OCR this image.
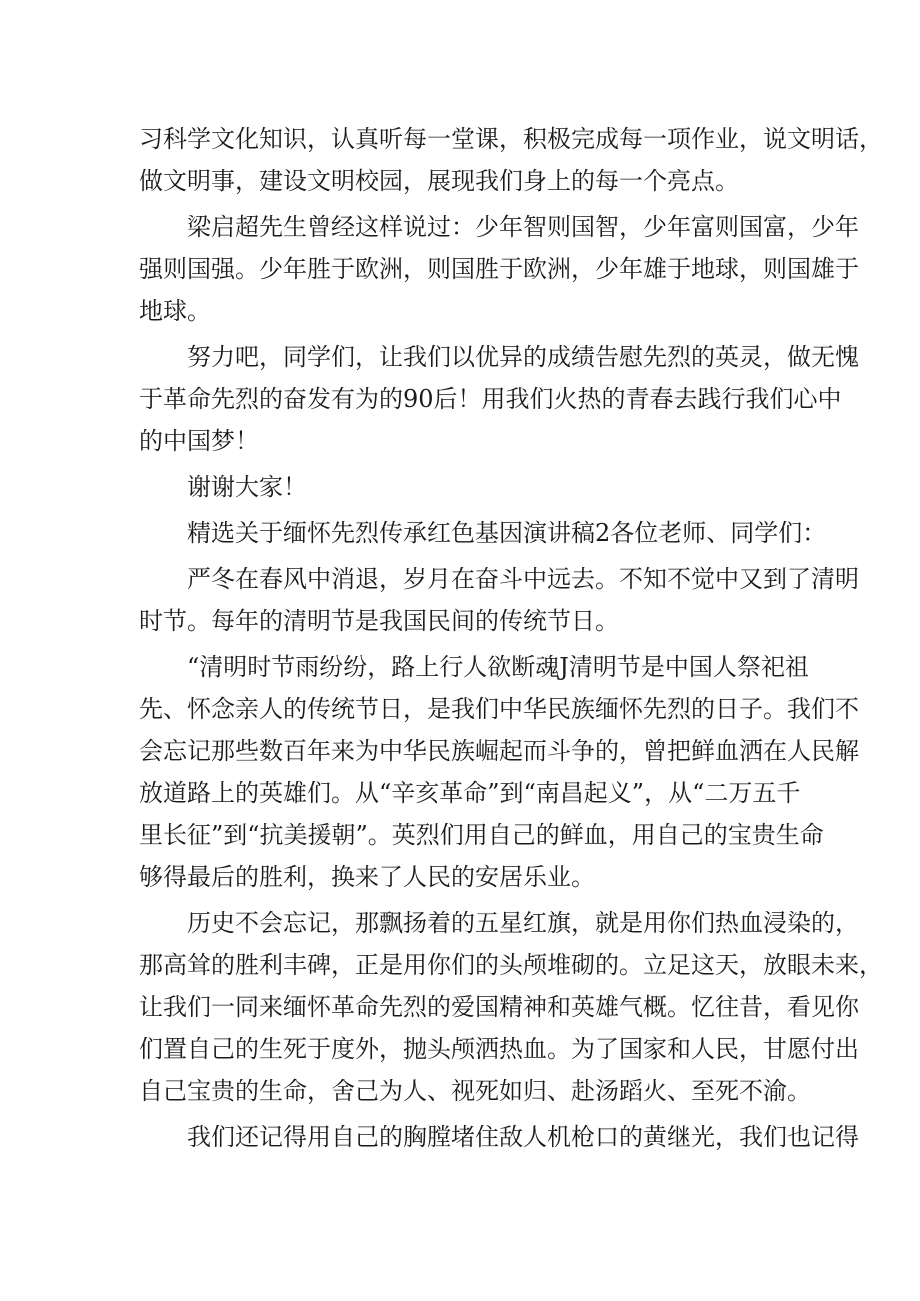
习科学文化知识，认真听每一堂课，积极完成每一项作业，说文明话，
做文明事，建设文明校园，展现我们身上的每一个亮点。
梁启超先生曾经这样说过：少年智则国智，少年富则国富，少年
强则国强。少年胜于欧洲，则国胜于欧洲，少年雄于地球，则国雄于
地球。
努力吧，同学们，让我们以优异的成绩告慰先烈的英灵，做无愧
于革命先烈的奋发有为的90后！用我们火热的青春去践行我们心中
的中国梦！
谢谢大家！
精选关于缅怀先烈传承红色基因演讲稿2各位老师、同学们：
严冬在春风中消退，岁月在奋斗中远去。不知不觉中又到了清明
时节。每年的清明节是我国民间的传统节日。
“清明时节雨纷纷，路上行人欲断魂J清明节是中国人祭祀祖
先、怀念亲人的传统节日，是我们中华民族缅怀先烈的日子。我们不
会忘记那些数百年来为中华民族崛起而斗争的，曾把鲜血洒在人民解
放道路上的英雄们。从“辛亥革命”到“南昌起义”，从“二万五千
里长征”到“抗美援朝”。英烈们用自己的鲜血，用自己的宝贵生命
够得最后的胜利，换来了人民的安居乐业。
历史不会忘记，那飘扬着的五星红旗，就是用你们热血浸染的，
那高耸的胜利丰碑，正是用你们的头颅堆砌的。立足这天，放眼未来，
让我们一同来缅怀革命先烈的爱国精神和英雄气概。忆往昔，看见你
们置自己的生死于度外，抛头颅洒热血。为了国家和人民，甘愿付出
自己宝贵的生命，舍己为人、视死如归、赴汤蹈火、至死不渝。
我们还记得用自己的胸膛堵住敌人机枪口的黄继光，我们也记得
